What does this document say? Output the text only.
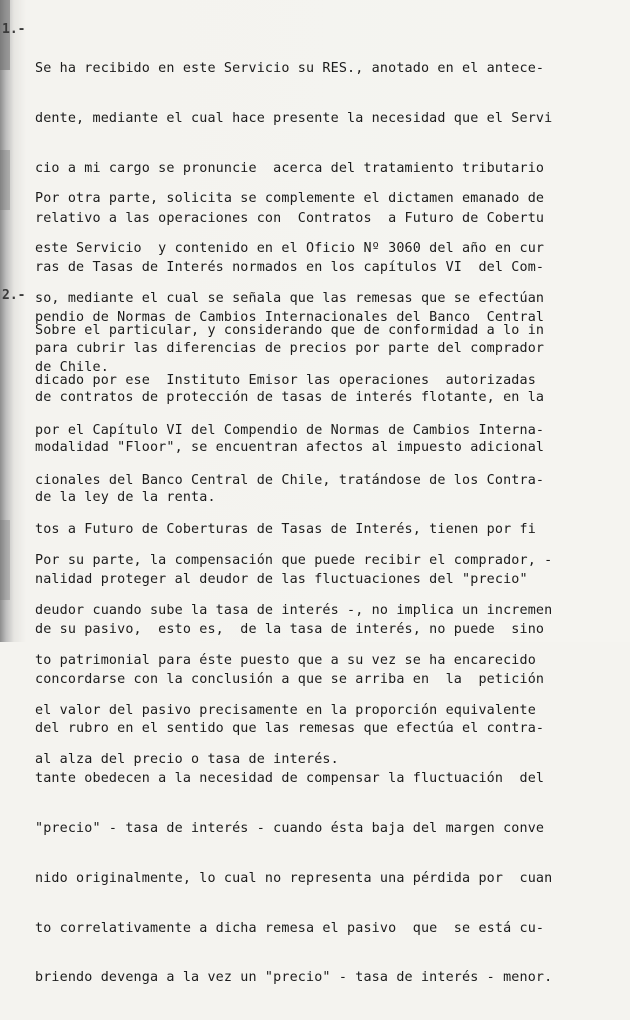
1.-
2.-

Se ha recibido en este Servicio su RES., anotado en el antece-

dente, mediante el cual hace presente la necesidad que el Servi

cio a mi cargo se pronuncie  acerca del tratamiento tributario

relativo a las operaciones con  Contratos  a Futuro de Cobertu

ras de Tasas de Interés normados en los capítulos VI  del Com-

pendio de Normas de Cambios Internacionales del Banco  Central

de Chile.

Por otra parte, solicita se complemente el dictamen emanado de

este Servicio  y contenido en el Oficio Nº 3060 del año en cur

so, mediante el cual se señala que las remesas que se efectúan

para cubrir las diferencias de precios por parte del comprador

de contratos de protección de tasas de interés flotante, en la

modalidad "Floor", se encuentran afectos al impuesto adicional

de la ley de la renta.

Sobre el particular, y considerando que de conformidad a lo in

dicado por ese  Instituto Emisor las operaciones  autorizadas

por el Capítulo VI del Compendio de Normas de Cambios Interna-

cionales del Banco Central de Chile, tratándose de los Contra-

tos a Futuro de Coberturas de Tasas de Interés, tienen por fi

nalidad proteger al deudor de las fluctuaciones del "precio"

de su pasivo,  esto es,  de la tasa de interés, no puede  sino

concordarse con la conclusión a que se arriba en  la  petición

del rubro en el sentido que las remesas que efectúa el contra-

tante obedecen a la necesidad de compensar la fluctuación  del

"precio" - tasa de interés - cuando ésta baja del margen conve

nido originalmente, lo cual no representa una pérdida por  cuan

to correlativamente a dicha remesa el pasivo  que  se está cu-

briendo devenga a la vez un "precio" - tasa de interés - menor.

Por su parte, la compensación que puede recibir el comprador, -

deudor cuando sube la tasa de interés -, no implica un incremen

to patrimonial para éste puesto que a su vez se ha encarecido

el valor del pasivo precisamente en la proporción equivalente

al alza del precio o tasa de interés.
